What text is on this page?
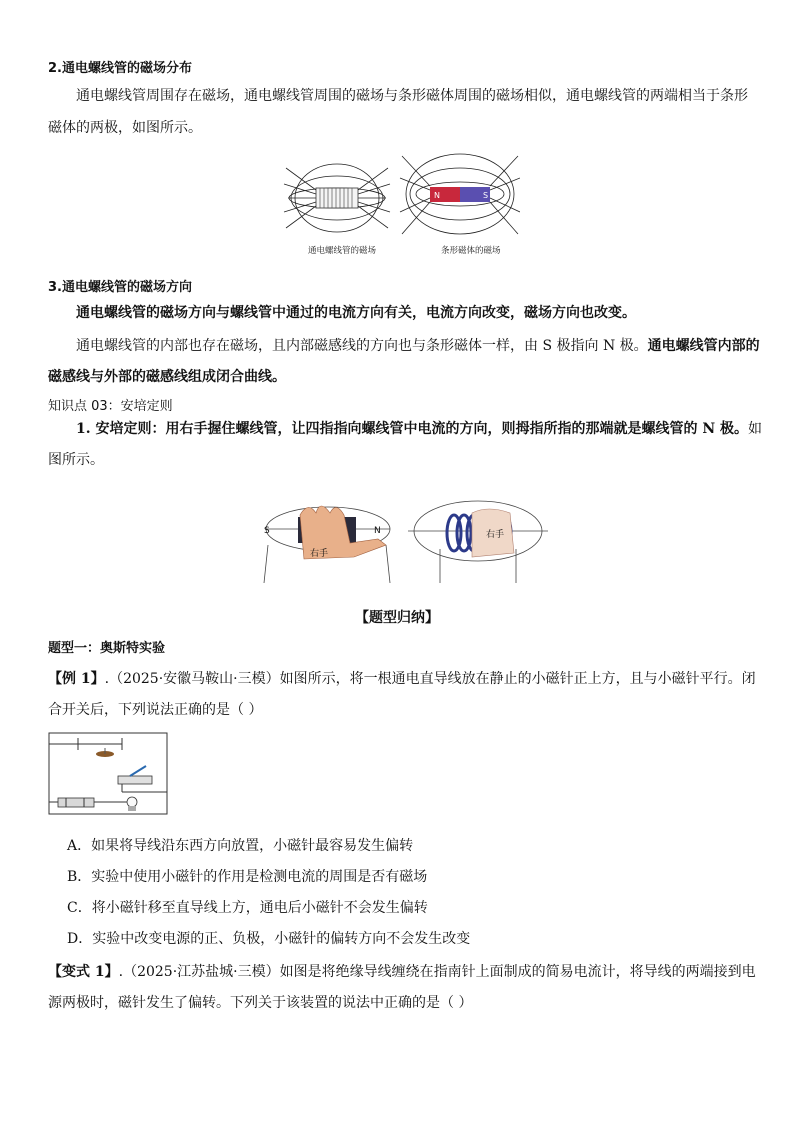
2.通电螺线管的磁场分布
通电螺线管周围存在磁场，通电螺线管周围的磁场与条形磁体周围的磁场相似，通电螺线管的两端相当于条形
磁体的两极，如图所示。
N	S
通电螺线管的磁场	条形磁体的磁场
3.通电螺线管的磁场方向
通电螺线管的磁场方向与螺线管中通过的电流方向有关，电流方向改变，磁场方向也改变。
通电螺线管的内部也存在磁场，且内部磁感线的方向也与条形磁体一样，由 S 极指向 N 极。通电螺线管内部的
磁感线与外部的磁感线组成闭合曲线。
知识点 03：安培定则
1. 安培定则：用右手握住螺线管，让四指指向螺线管中电流的方向，则拇指所指的那端就是螺线管的 N 极。如
图所示。
右手
S	N	右手
【题型归纳】
题型一：奥斯特实验
【例 1】.（2025·安徽马鞍山·三模）如图所示，将一根通电直导线放在静止的小磁针正上方，且与小磁针平行。闭
合开关后，下列说法正确的是（ ）
A．如果将导线沿东西方向放置，小磁针最容易发生偏转
B．实验中使用小磁针的作用是检测电流的周围是否有磁场
C．将小磁针移至直导线上方，通电后小磁针不会发生偏转
D．实验中改变电源的正、负极，小磁针的偏转方向不会发生改变
【变式 1】.（2025·江苏盐城·三模）如图是将绝缘导线缠绕在指南针上面制成的简易电流计，将导线的两端接到电
源两极时，磁针发生了偏转。下列关于该装置的说法中正确的是（ ）
